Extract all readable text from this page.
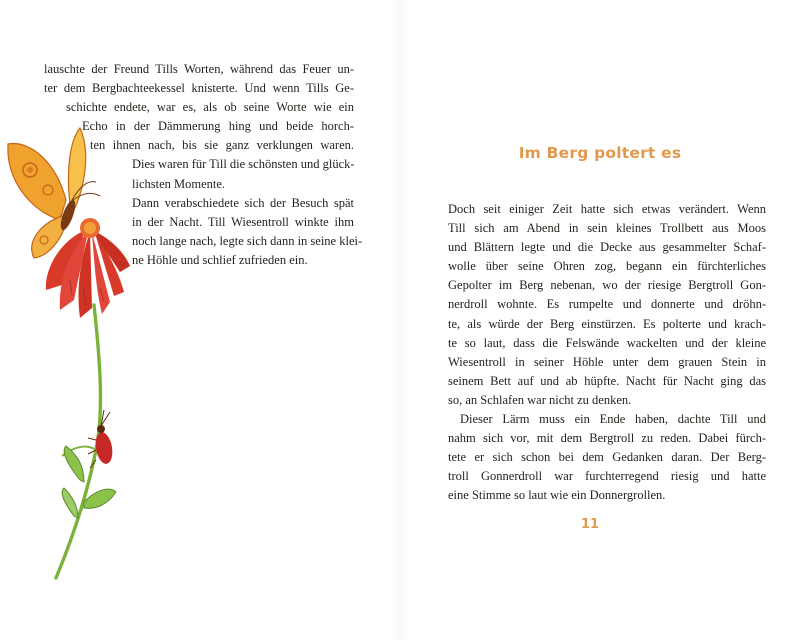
lauschte der Freund Tills Worten, während das Feuer un-
ter dem Bergbachteekessel knisterte. Und wenn Tills Ge-
schichte endete, war es, als ob seine Worte wie ein
Echo in der Dämmerung hing und beide horch-
ten ihnen nach, bis sie ganz verklungen waren.
Dies waren für Till die schönsten und glück-
lichsten Momente.
Dann verabschiedete sich der Besuch spät
in der Nacht. Till Wiesentroll winkte ihm
noch lange nach, legte sich dann in seine klei-
ne Höhle und schlief zufrieden ein.
Im Berg poltert es
Doch seit einiger Zeit hatte sich etwas verändert. Wenn
Till sich am Abend in sein kleines Trollbett aus Moos
und Blättern legte und die Decke aus gesammelter Schaf-
wolle über seine Ohren zog, begann ein fürchterliches
Gepolter im Berg nebenan, wo der riesige Bergtroll Gon-
nerdroll wohnte. Es rumpelte und donnerte und dröhn-
te, als würde der Berg einstürzen. Es polterte und krach-
te so laut, dass die Felswände wackelten und der kleine
Wiesentroll in seiner Höhle unter dem grauen Stein in
seinem Bett auf und ab hüpfte. Nacht für Nacht ging das
so, an Schlafen war nicht zu denken.
Dieser Lärm muss ein Ende haben, dachte Till und
nahm sich vor, mit dem Bergtroll zu reden. Dabei fürch-
tete er sich schon bei dem Gedanken daran. Der Berg-
troll Gonnerdroll war furchterregend riesig und hatte
eine Stimme so laut wie ein Donnergrollen.
11
